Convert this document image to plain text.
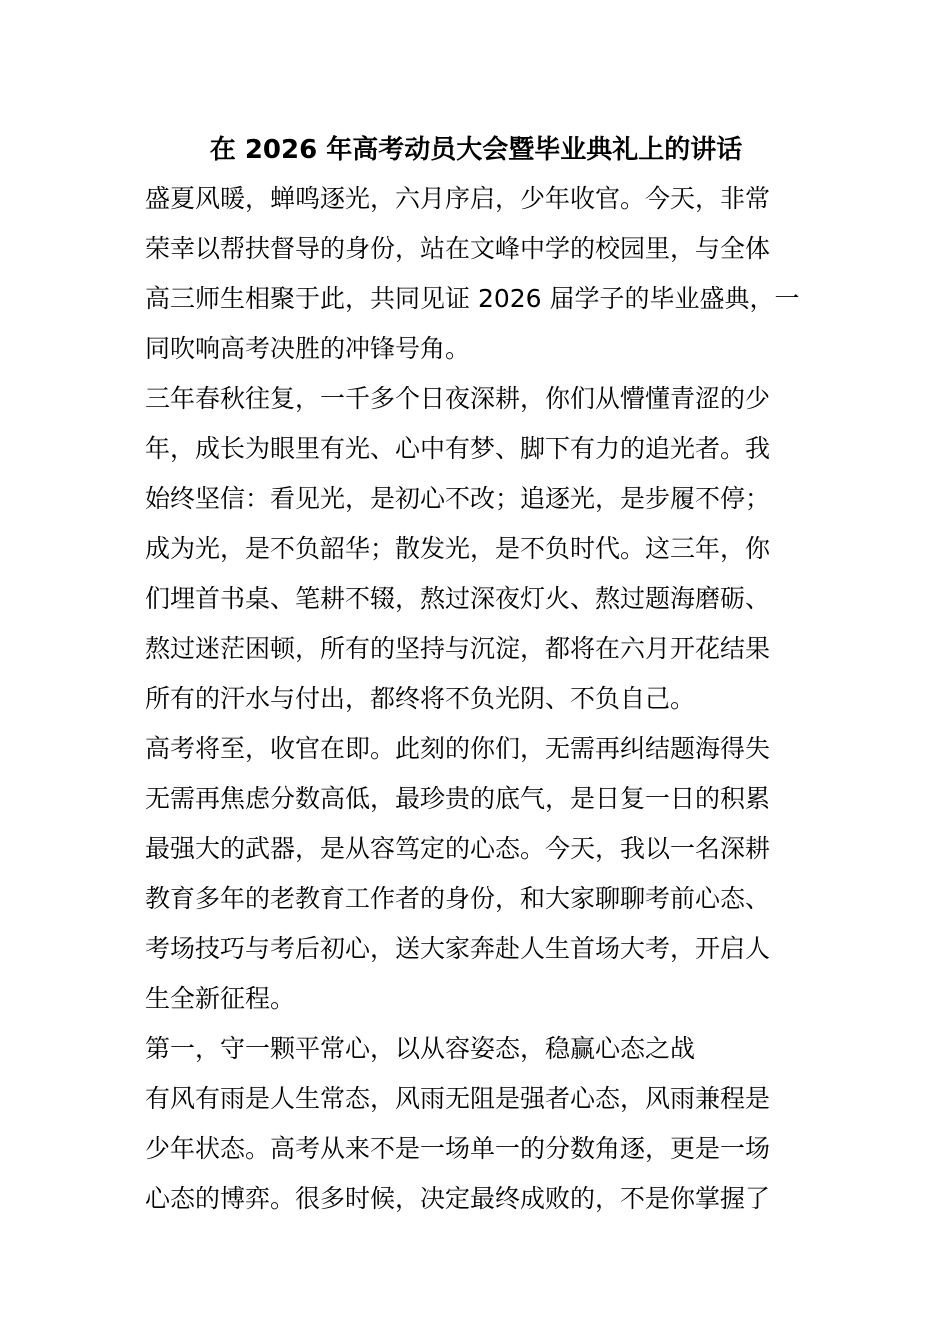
在 2026 年高考动员大会暨毕业典礼上的讲话
盛夏风暖，蝉鸣逐光，六月序启，少年收官。今天，非常
荣幸以帮扶督导的身份，站在文峰中学的校园里，与全体
高三师生相聚于此，共同见证 2026 届学子的毕业盛典，一
同吹响高考决胜的冲锋号角。
三年春秋往复，一千多个日夜深耕，你们从懵懂青涩的少
年，成长为眼里有光、心中有梦、脚下有力的追光者。我
始终坚信：看见光，是初心不改；追逐光，是步履不停；
成为光，是不负韶华；散发光，是不负时代。这三年，你
们埋首书桌、笔耕不辍，熬过深夜灯火、熬过题海磨砺、
熬过迷茫困顿，所有的坚持与沉淀，都将在六月开花结果
所有的汗水与付出，都终将不负光阴、不负自己。
高考将至，收官在即。此刻的你们，无需再纠结题海得失
无需再焦虑分数高低，最珍贵的底气，是日复一日的积累
最强大的武器，是从容笃定的心态。今天，我以一名深耕
教育多年的老教育工作者的身份，和大家聊聊考前心态、
考场技巧与考后初心，送大家奔赴人生首场大考，开启人
生全新征程。
第一，守一颗平常心，以从容姿态，稳赢心态之战
有风有雨是人生常态，风雨无阻是强者心态，风雨兼程是
少年状态。高考从来不是一场单一的分数角逐，更是一场
心态的博弈。很多时候，决定最终成败的，不是你掌握了
